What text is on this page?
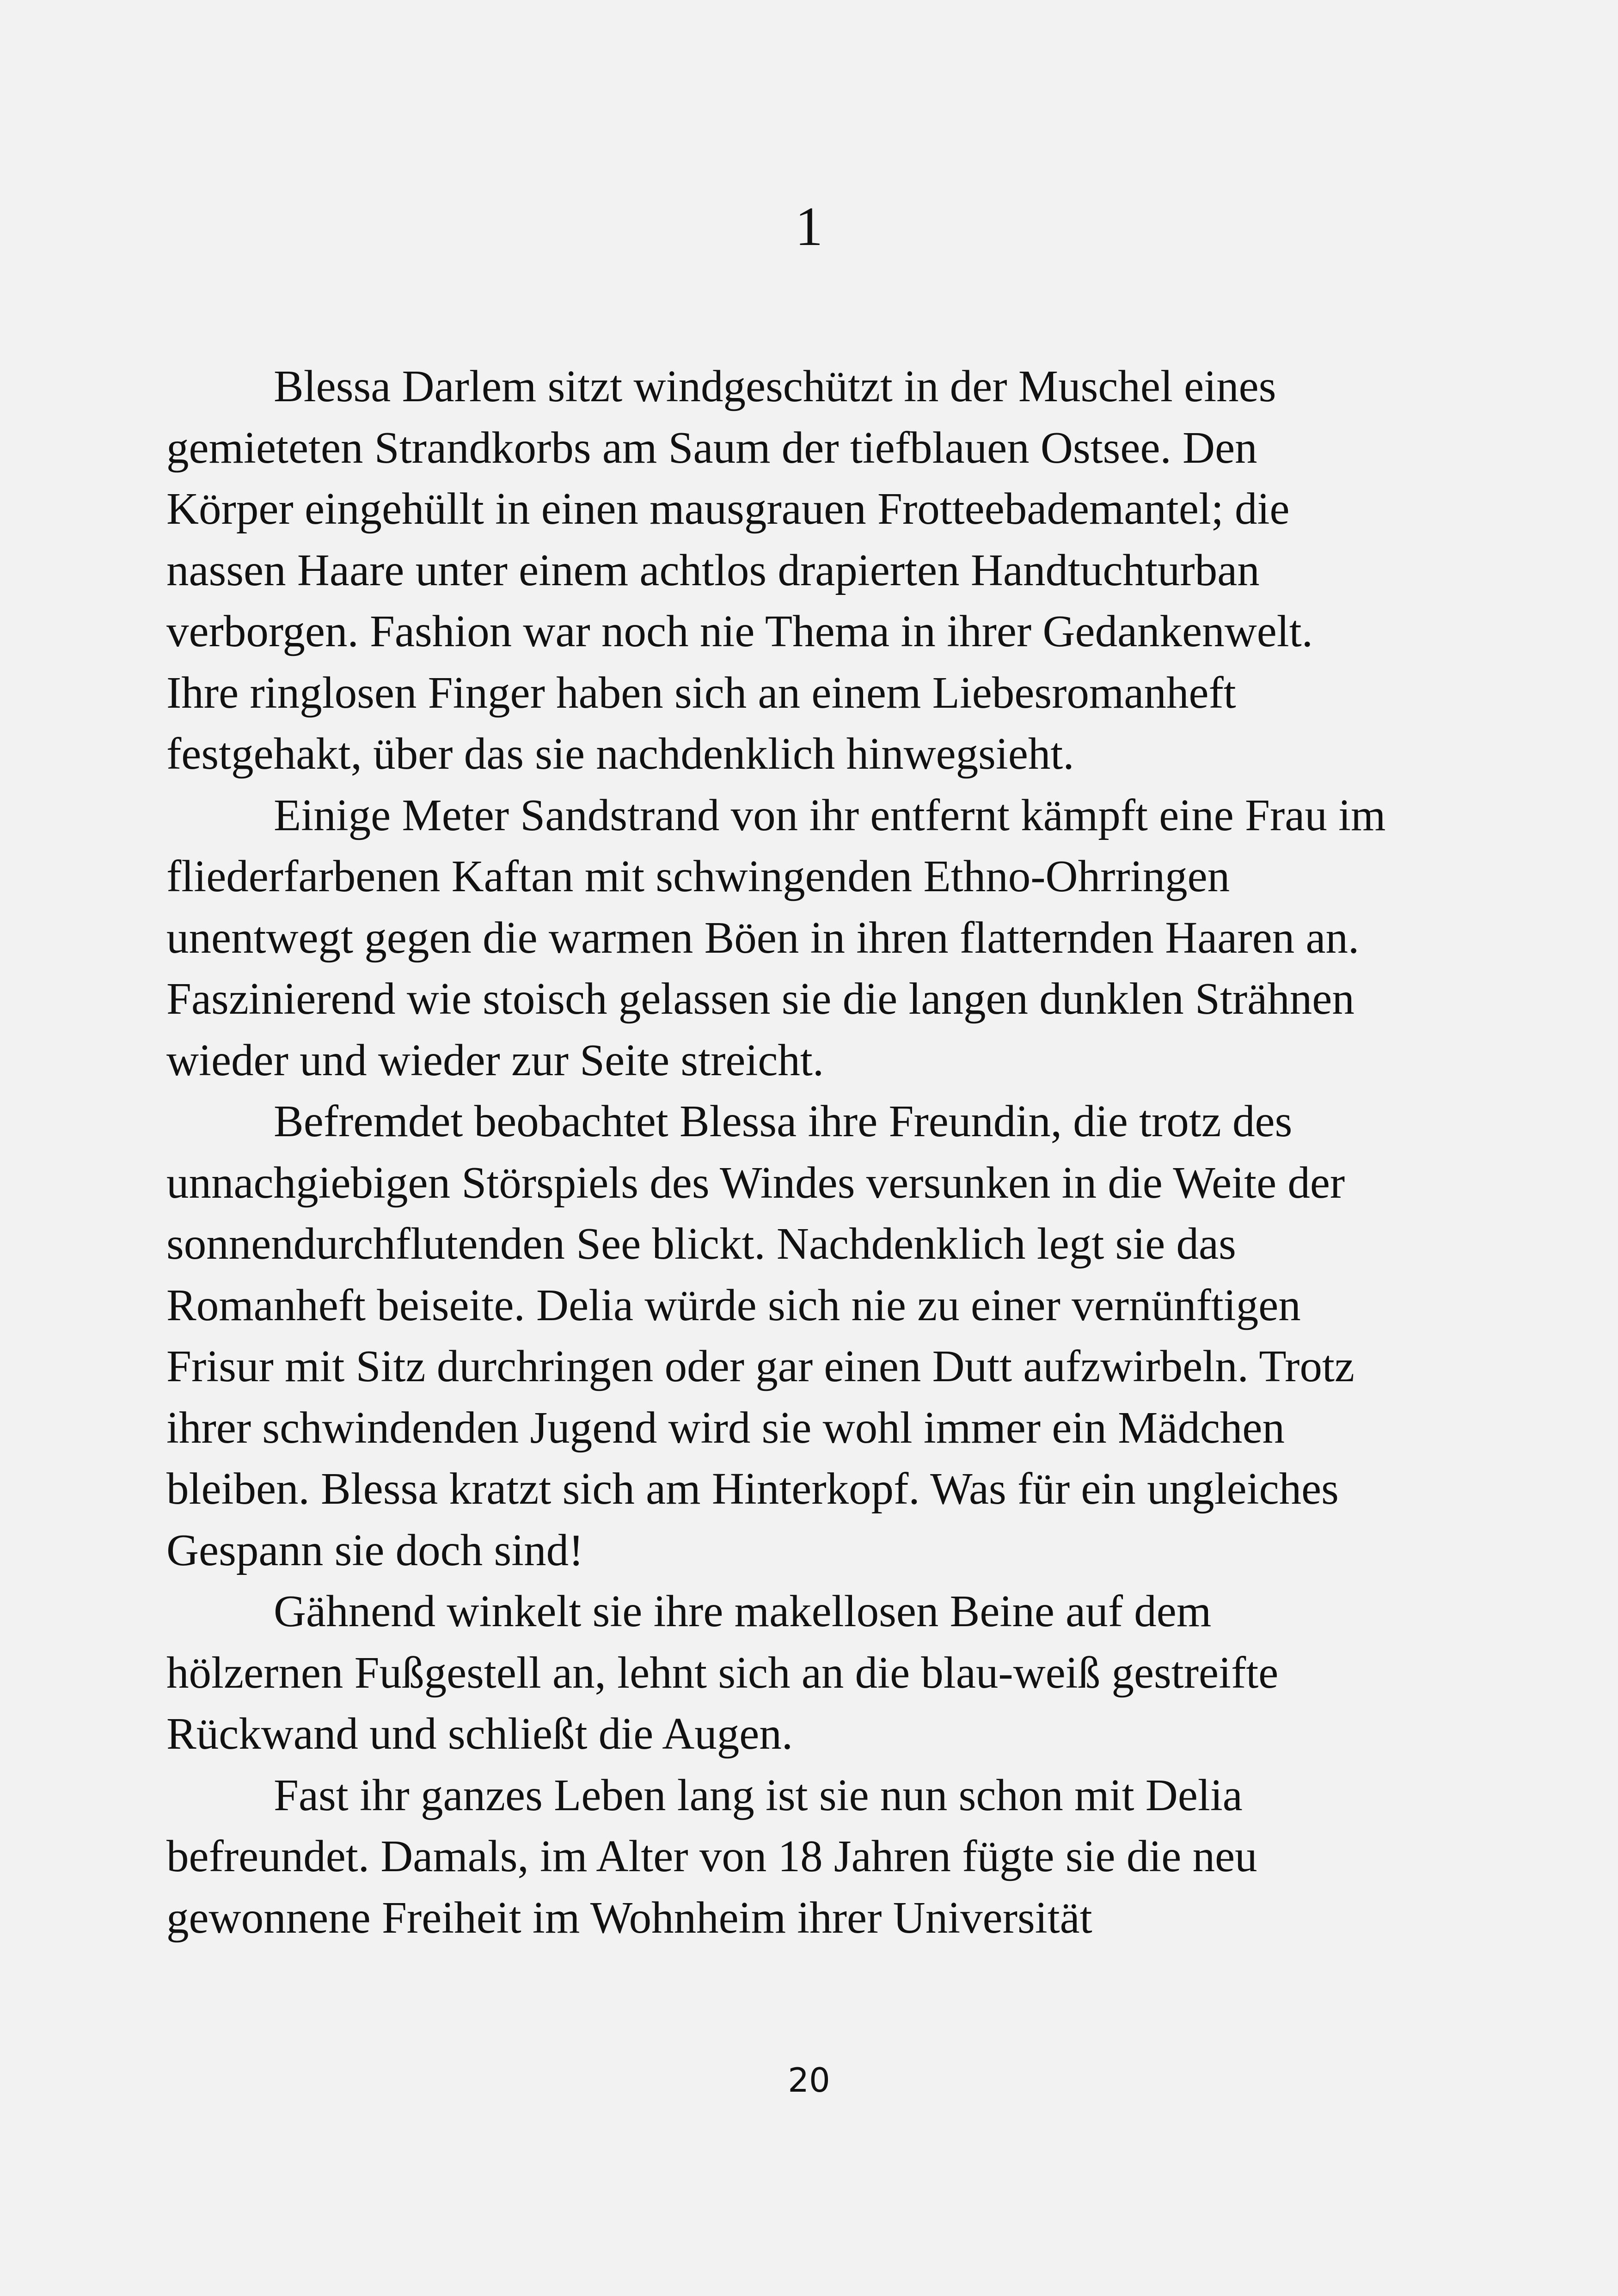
1
Blessa Darlem sitzt windgeschützt in der Muschel eines
gemieteten Strandkorbs am Saum der tiefblauen Ostsee. Den
Körper eingehüllt in einen mausgrauen Frotteebademantel; die
nassen Haare unter einem achtlos drapierten Handtuchturban
verborgen. Fashion war noch nie Thema in ihrer Gedankenwelt.
Ihre ringlosen Finger haben sich an einem Liebesromanheft
festgehakt, über das sie nachdenklich hinwegsieht.
Einige Meter Sandstrand von ihr entfernt kämpft eine Frau im
fliederfarbenen Kaftan mit schwingenden Ethno-Ohrringen
unentwegt gegen die warmen Böen in ihren flatternden Haaren an.
Faszinierend wie stoisch gelassen sie die langen dunklen Strähnen
wieder und wieder zur Seite streicht.
Befremdet beobachtet Blessa ihre Freundin, die trotz des
unnachgiebigen Störspiels des Windes versunken in die Weite der
sonnendurchflutenden See blickt. Nachdenklich legt sie das
Romanheft beiseite. Delia würde sich nie zu einer vernünftigen
Frisur mit Sitz durchringen oder gar einen Dutt aufzwirbeln. Trotz
ihrer schwindenden Jugend wird sie wohl immer ein Mädchen
bleiben. Blessa kratzt sich am Hinterkopf. Was für ein ungleiches
Gespann sie doch sind!
Gähnend winkelt sie ihre makellosen Beine auf dem
hölzernen Fußgestell an, lehnt sich an die blau-weiß gestreifte
Rückwand und schließt die Augen.
Fast ihr ganzes Leben lang ist sie nun schon mit Delia
befreundet. Damals, im Alter von 18 Jahren fügte sie die neu
gewonnene Freiheit im Wohnheim ihrer Universität
20
